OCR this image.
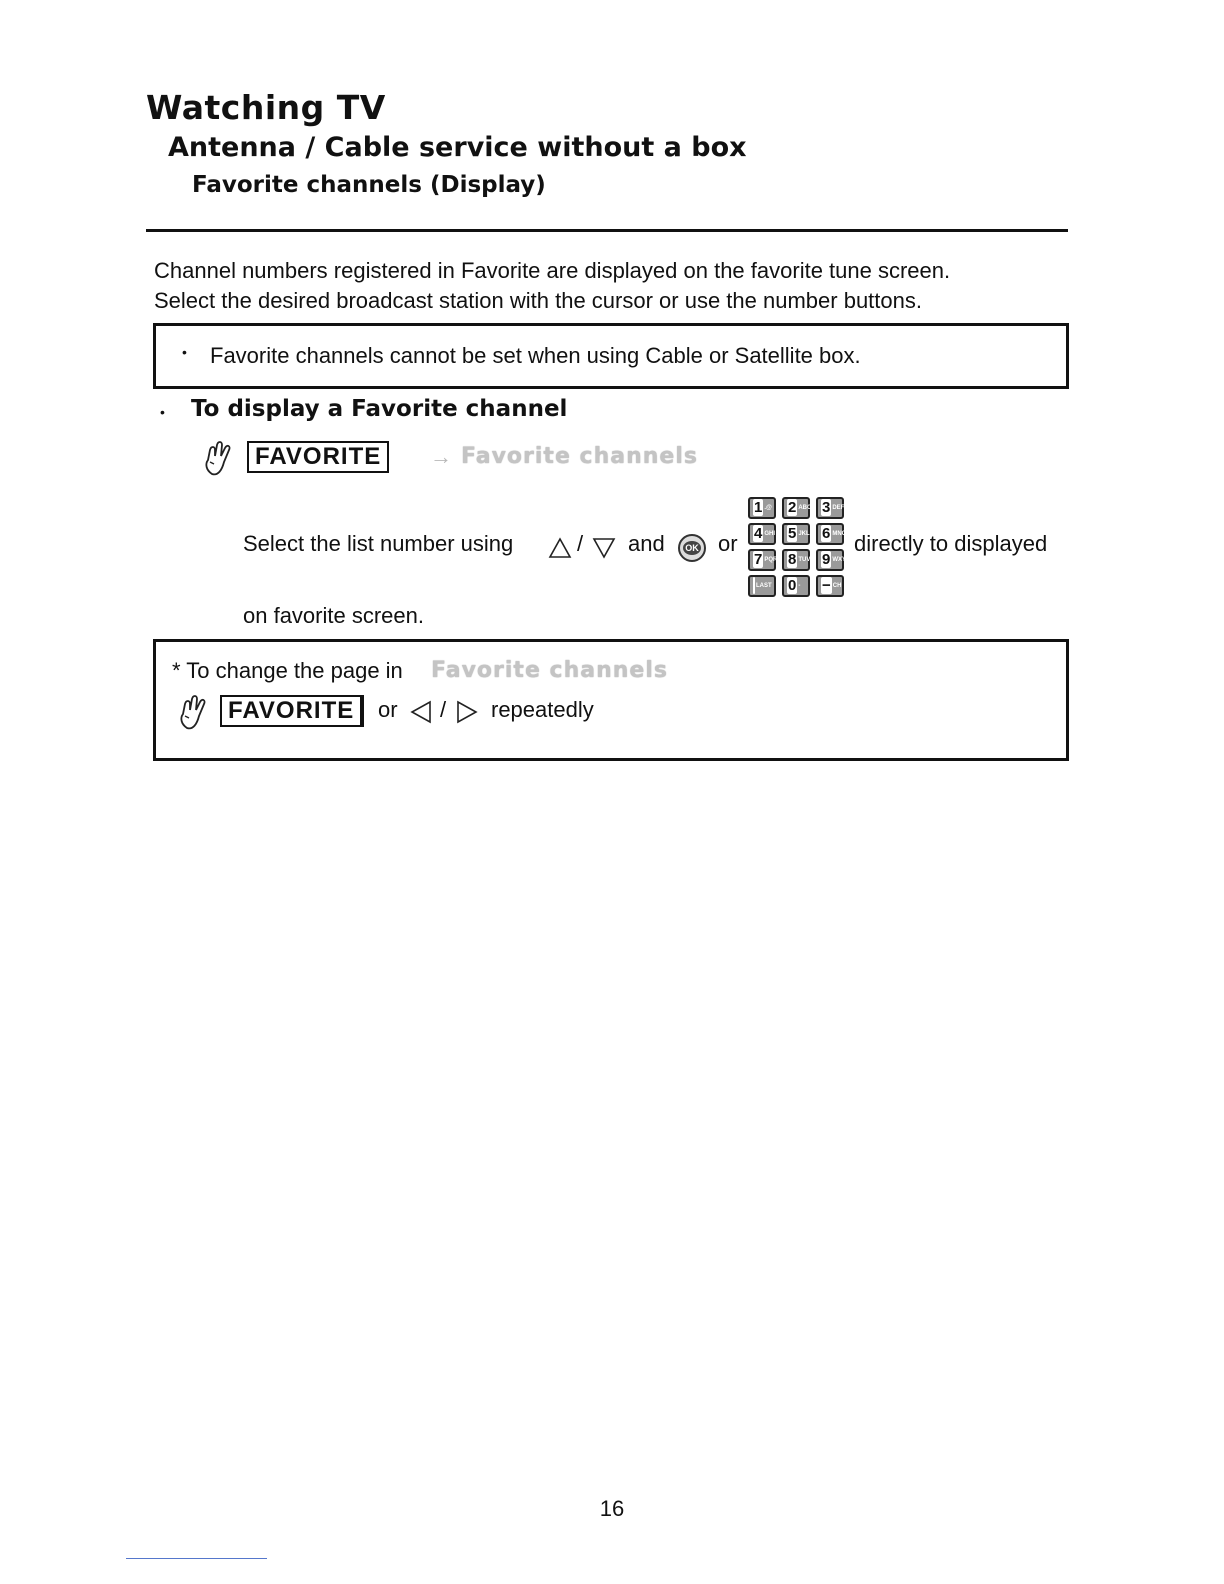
Watching TV
Antenna / Cable service without a box
Favorite channels (Display)
Channel numbers registered in Favorite are displayed on the favorite tune screen.
Select the desired broadcast station with the cursor or use the number buttons.
• Favorite channels cannot be set when using Cable or Satellite box.
• To display a Favorite channel
FAVORITE	→ Favorite channels
Select the list number using	/ and	OK or
1 .@	2 ABC 3 DEF
4 GHI 5 JKL 6 MNO
7 PQRS 8 TUV 9 WXYZ
LAST	0 -	− CH
directly to displayed
on favorite screen.
* To change the page in Favorite channels
FAVORITE	or / repeatedly
16
